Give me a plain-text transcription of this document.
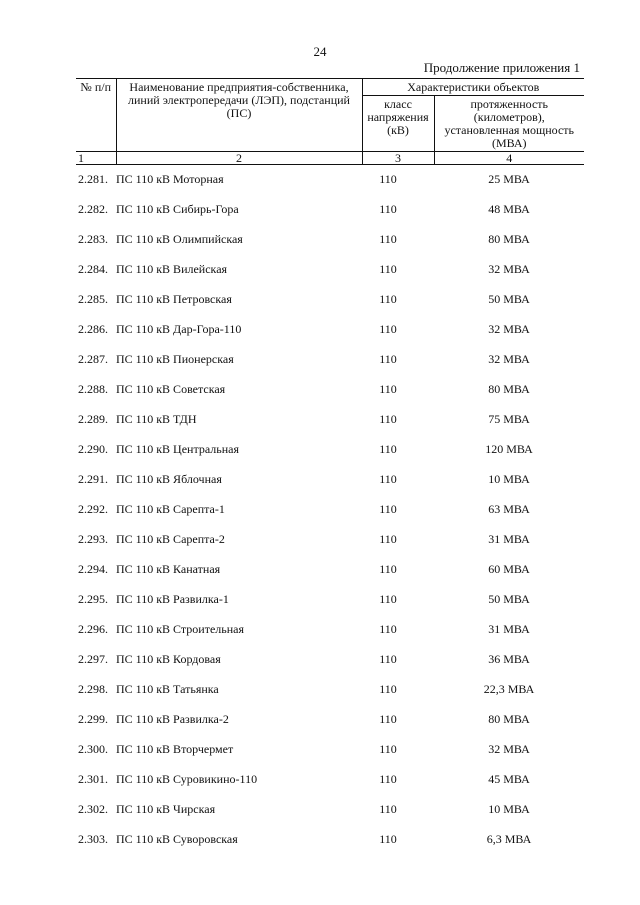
24
Продолжение приложения 1
№ п/п	Наименование предприятия-собственника, линий электропередачи (ЛЭП), подстанций (ПС)	Характеристики объектов	
		класс напряжения (кВ)	протяженность (километров), установленная мощность (МВА)
1	2	3	4

2.281.	ПС 110 кВ Моторная	110	25 МВА

2.282.	ПС 110 кВ Сибирь-Гора	110	48 МВА

2.283.	ПС 110 кВ Олимпийская	110	80 МВА

2.284.	ПС 110 кВ Вилейская	110	32 МВА

2.285.	ПС 110 кВ Петровская	110	50 МВА

2.286.	ПС 110 кВ Дар-Гора-110	110	32 МВА

2.287.	ПС 110 кВ Пионерская	110	32 МВА

2.288.	ПС 110 кВ Советская	110	80 МВА

2.289.	ПС 110 кВ ТДН	110	75 МВА

2.290.	ПС 110 кВ Центральная	110	120 МВА

2.291.	ПС 110 кВ Яблочная	110	10 МВА

2.292.	ПС 110 кВ Сарепта-1	110	63 МВА

2.293.	ПС 110 кВ Сарепта-2	110	31 МВА

2.294.	ПС 110 кВ Канатная	110	60 МВА

2.295.	ПС 110 кВ Развилка-1	110	50 МВА

2.296.	ПС 110 кВ Строительная	110	31 МВА

2.297.	ПС 110 кВ Кордовая	110	36 МВА

2.298.	ПС 110 кВ Татьянка	110	22,3 МВА

2.299.	ПС 110 кВ Развилка-2	110	80 МВА

2.300.	ПС 110 кВ Вторчермет	110	32 МВА

2.301.	ПС 110 кВ Суровикино-110	110	45 МВА

2.302.	ПС 110 кВ Чирская	110	10 МВА

2.303.	ПС 110 кВ Суворовская	110	6,3 МВА
